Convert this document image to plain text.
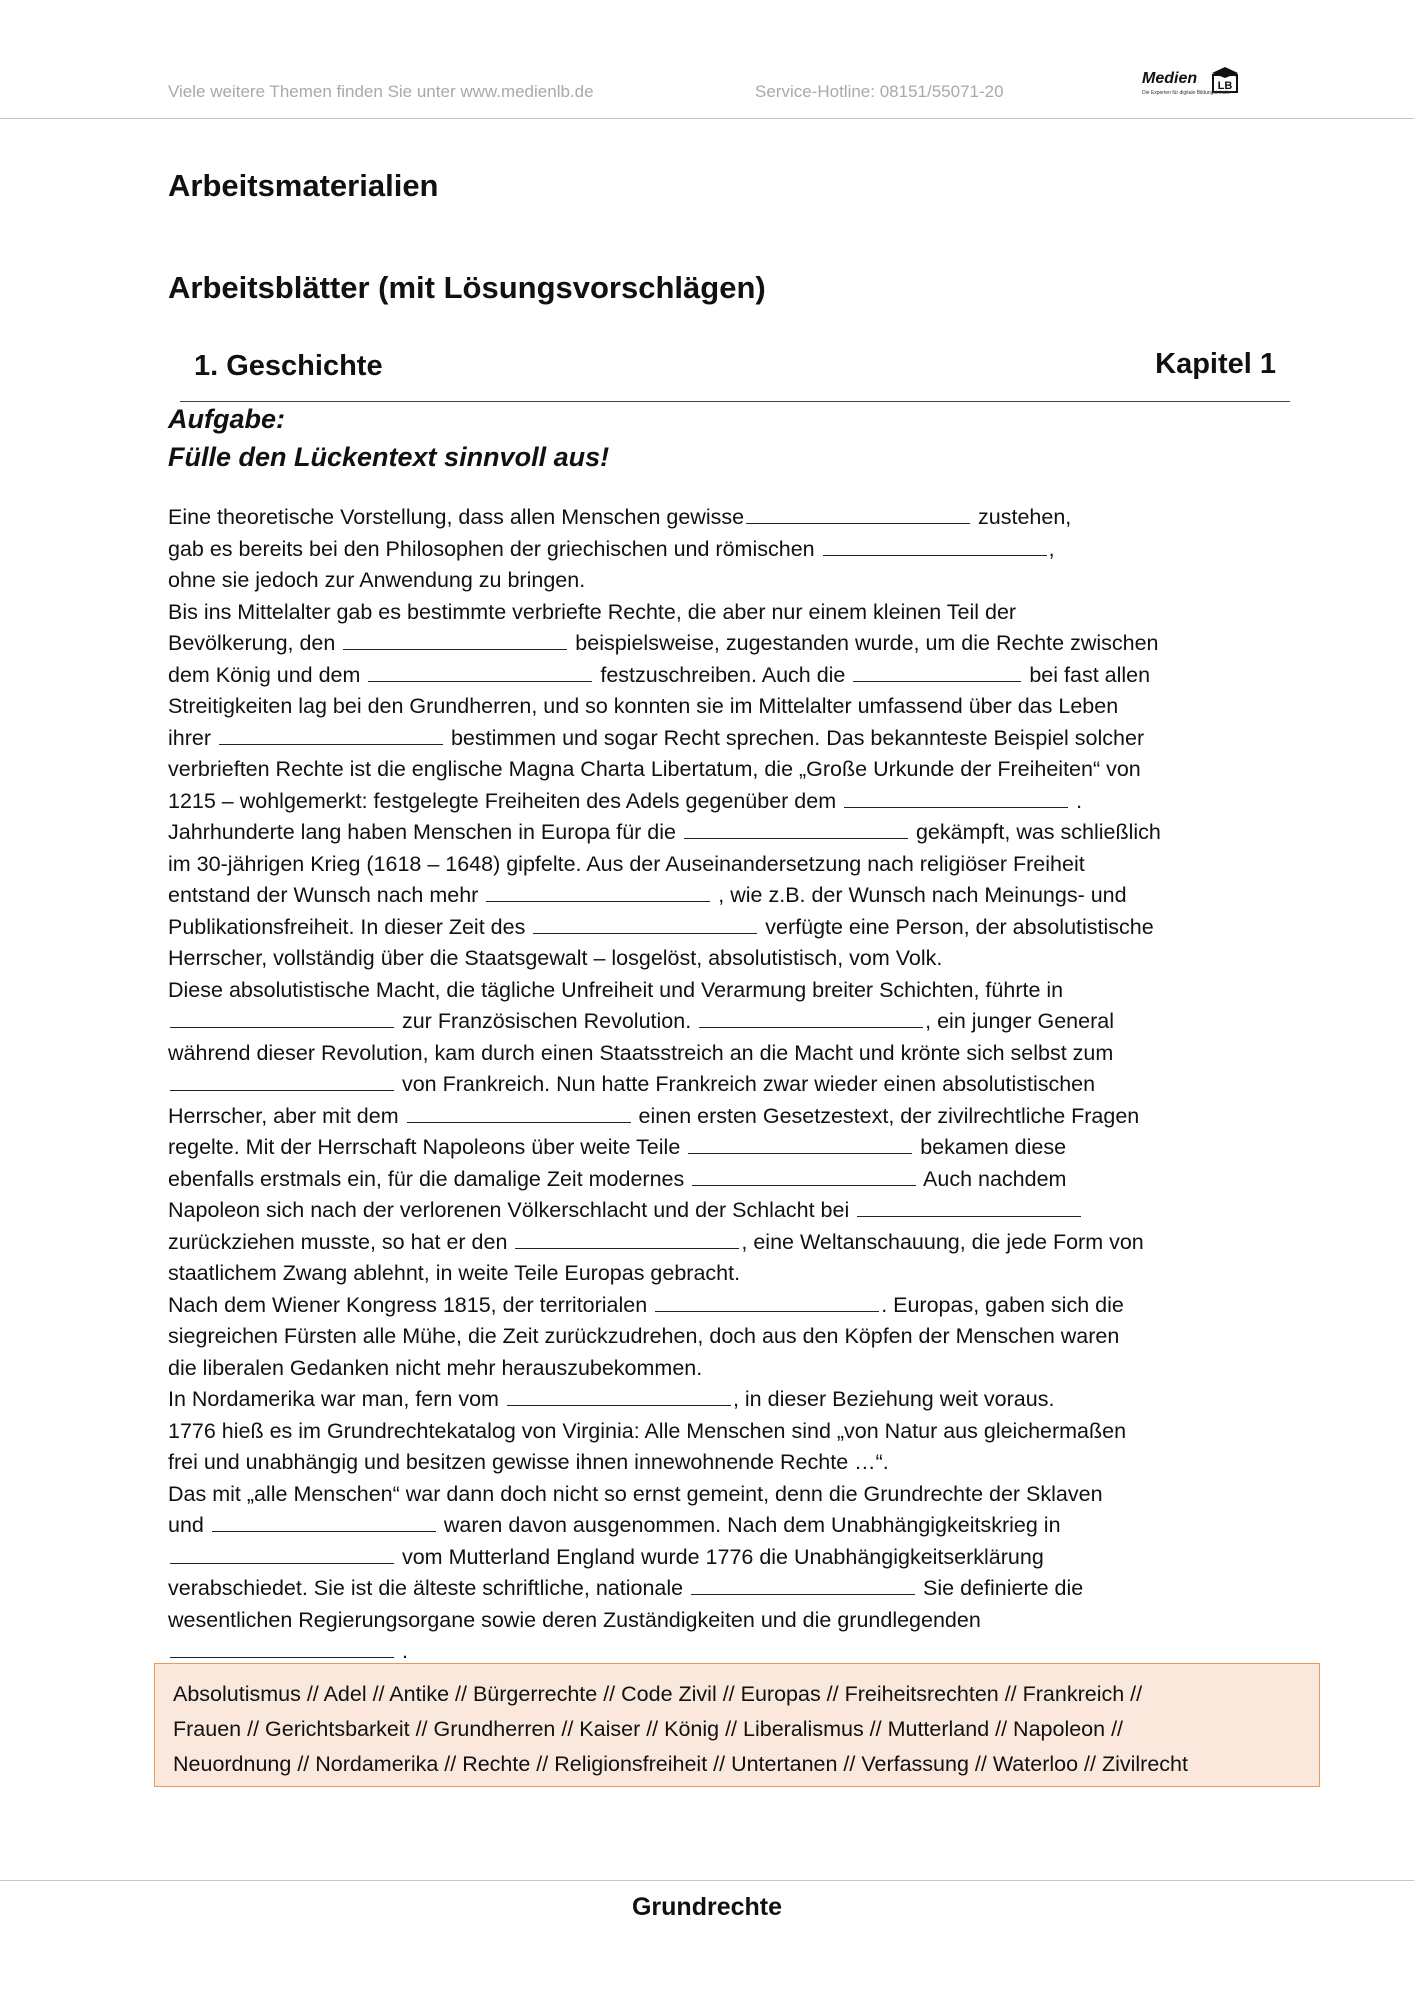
Viele weitere Themen finden Sie unter www.medienlb.de	Service-Hotline: 08151/55071-20
Medien LB
Die Experten für digitale Bildungsinhalte
Arbeitsmaterialien
Arbeitsblätter (mit Lösungsvorschlägen)
1. Geschichte	Kapitel 1
Aufgabe:
Fülle den Lückentext sinnvoll aus!
Eine theoretische Vorstellung, dass allen Menschen gewisse	zustehen,
gab es bereits bei den Philosophen der griechischen und römischen	,
ohne sie jedoch zur Anwendung zu bringen.
Bis ins Mittelalter gab es bestimmte verbriefte Rechte, die aber nur einem kleinen Teil der
Bevölkerung, den	beispielsweise, zugestanden wurde, um die Rechte zwischen
dem König und dem	festzuschreiben. Auch die	bei fast allen
Streitigkeiten lag bei den Grundherren, und so konnten sie im Mittelalter umfassend über das Leben
ihrer	bestimmen und sogar Recht sprechen. Das bekannteste Beispiel solcher
verbrieften Rechte ist die englische Magna Charta Libertatum, die „Große Urkunde der Freiheiten“ von
1215 – wohlgemerkt: festgelegte Freiheiten des Adels gegenüber dem	.
Jahrhunderte lang haben Menschen in Europa für die	gekämpft, was schließlich
im 30-jährigen Krieg (1618 – 1648) gipfelte. Aus der Auseinandersetzung nach religiöser Freiheit
entstand der Wunsch nach mehr	, wie z.B. der Wunsch nach Meinungs- und
Publikationsfreiheit. In dieser Zeit des	verfügte eine Person, der absolutistische
Herrscher, vollständig über die Staatsgewalt – losgelöst, absolutistisch, vom Volk.
Diese absolutistische Macht, die tägliche Unfreiheit und Verarmung breiter Schichten, führte in
zur Französischen Revolution.	, ein junger General
während dieser Revolution, kam durch einen Staatsstreich an die Macht und krönte sich selbst zum
von Frankreich. Nun hatte Frankreich zwar wieder einen absolutistischen
Herrscher, aber mit dem	einen ersten Gesetzestext, der zivilrechtliche Fragen
regelte. Mit der Herrschaft Napoleons über weite Teile	bekamen diese
ebenfalls erstmals ein, für die damalige Zeit modernes	Auch nachdem
Napoleon sich nach der verlorenen Völkerschlacht und der Schlacht bei
zurückziehen musste, so hat er den	, eine Weltanschauung, die jede Form von
staatlichem Zwang ablehnt, in weite Teile Europas gebracht.
Nach dem Wiener Kongress 1815, der territorialen	. Europas, gaben sich die
siegreichen Fürsten alle Mühe, die Zeit zurückzudrehen, doch aus den Köpfen der Menschen waren
die liberalen Gedanken nicht mehr herauszubekommen.
In Nordamerika war man, fern vom	, in dieser Beziehung weit voraus.
1776 hieß es im Grundrechtekatalog von Virginia: Alle Menschen sind „von Natur aus gleichermaßen
frei und unabhängig und besitzen gewisse ihnen innewohnende Rechte …“.
Das mit „alle Menschen“ war dann doch nicht so ernst gemeint, denn die Grundrechte der Sklaven
und	waren davon ausgenommen. Nach dem Unabhängigkeitskrieg in
vom Mutterland England wurde 1776 die Unabhängigkeitserklärung
verabschiedet. Sie ist die älteste schriftliche, nationale	Sie definierte die
wesentlichen Regierungsorgane sowie deren Zuständigkeiten und die grundlegenden
.
Absolutismus // Adel // Antike // Bürgerrechte // Code Zivil // Europas // Freiheitsrechten // Frankreich //
Frauen // Gerichtsbarkeit // Grundherren // Kaiser // König // Liberalismus // Mutterland // Napoleon //
Neuordnung // Nordamerika // Rechte // Religionsfreiheit // Untertanen // Verfassung // Waterloo // Zivilrecht
Grundrechte
